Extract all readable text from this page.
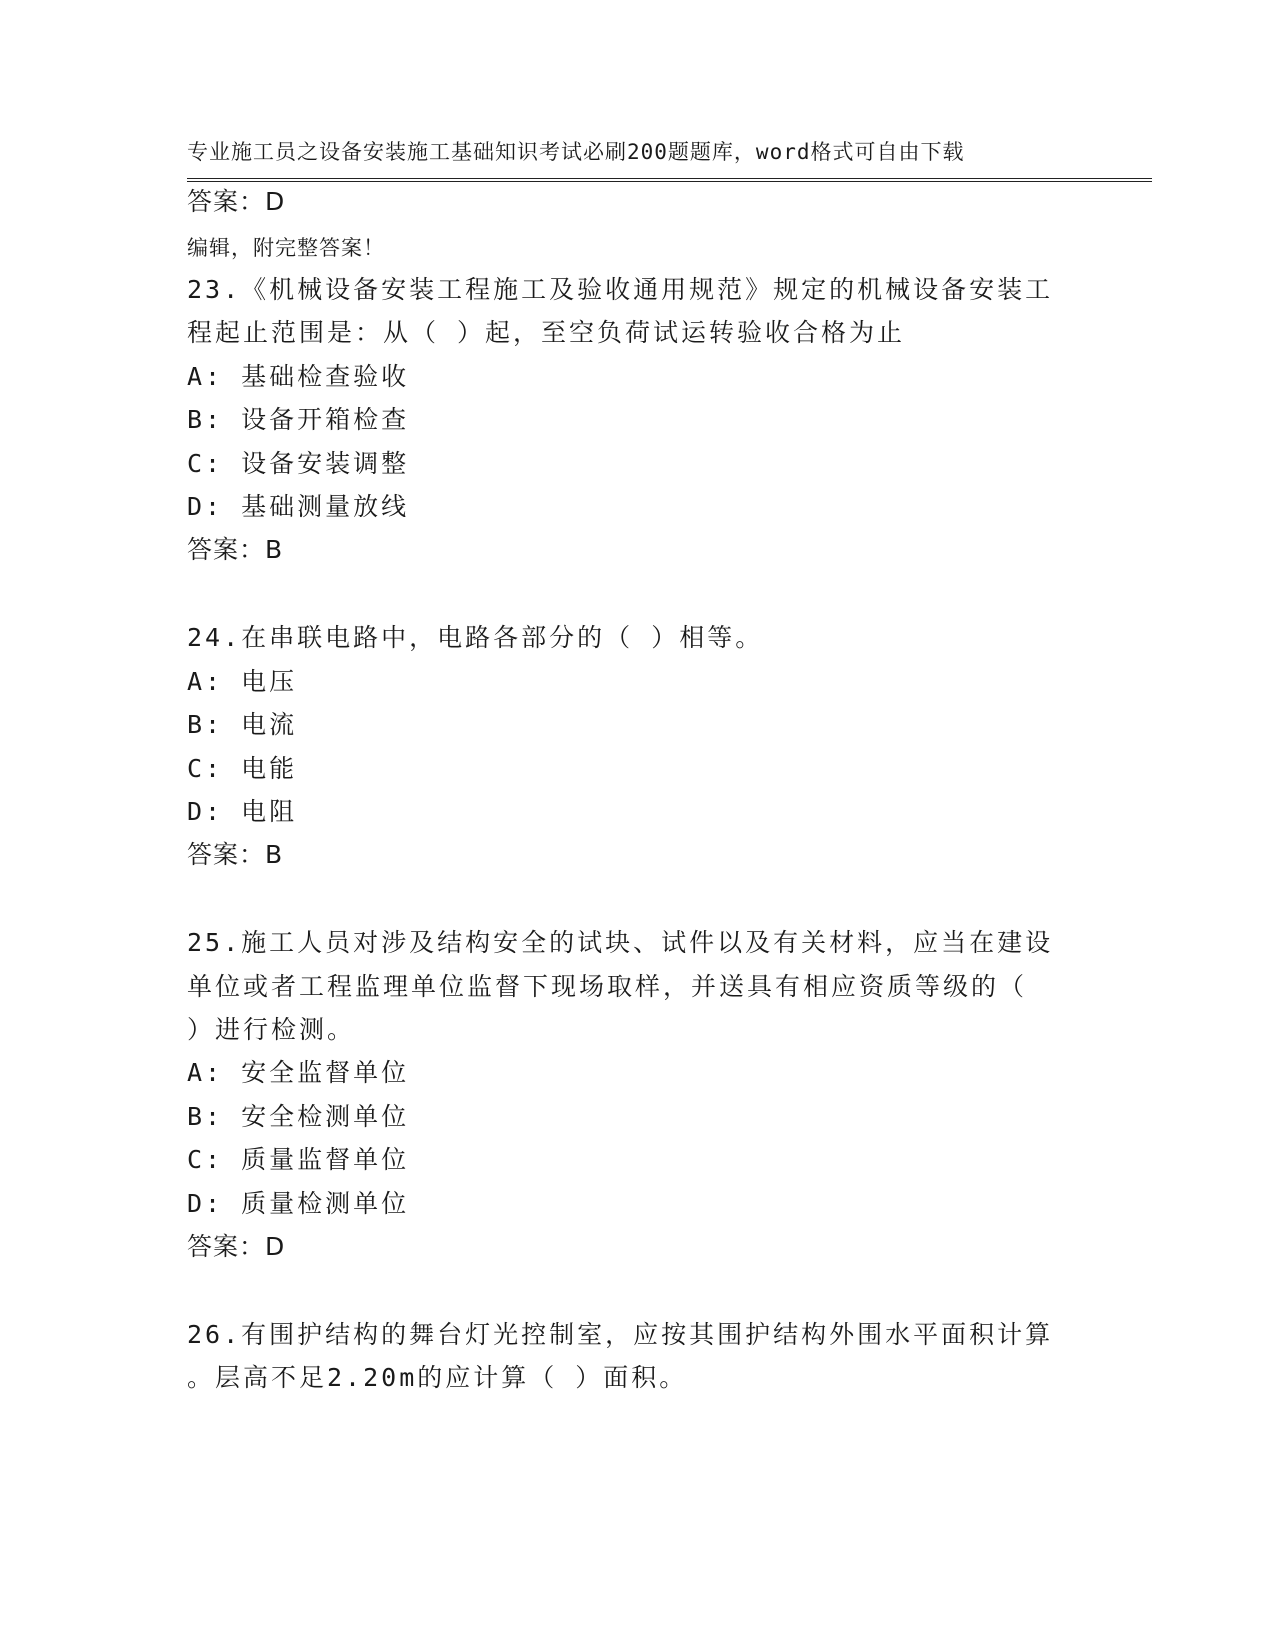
专业施工员之设备安装施工基础知识考试必刷200题题库，word格式可自由下载

编辑，附完整答案！

答案：D
23.《机械设备安装工程施工及验收通用规范》规定的机械设备安装工
程起止范围是：从（ ）起，至空负荷试运转验收合格为止
A: 基础检查验收
B: 设备开箱检查
C: 设备安装调整
D: 基础测量放线
答案：B
24.在串联电路中，电路各部分的（ ）相等。
A: 电压
B: 电流
C: 电能
D: 电阻
答案：B
25.施工人员对涉及结构安全的试块、试件以及有关材料，应当在建设
单位或者工程监理单位监督下现场取样，并送具有相应资质等级的（
）进行检测。
A: 安全监督单位
B: 安全检测单位
C: 质量监督单位
D: 质量检测单位
答案：D
26.有围护结构的舞台灯光控制室，应按其围护结构外围水平面积计算
。层高不足2.20m的应计算（ ）面积。
